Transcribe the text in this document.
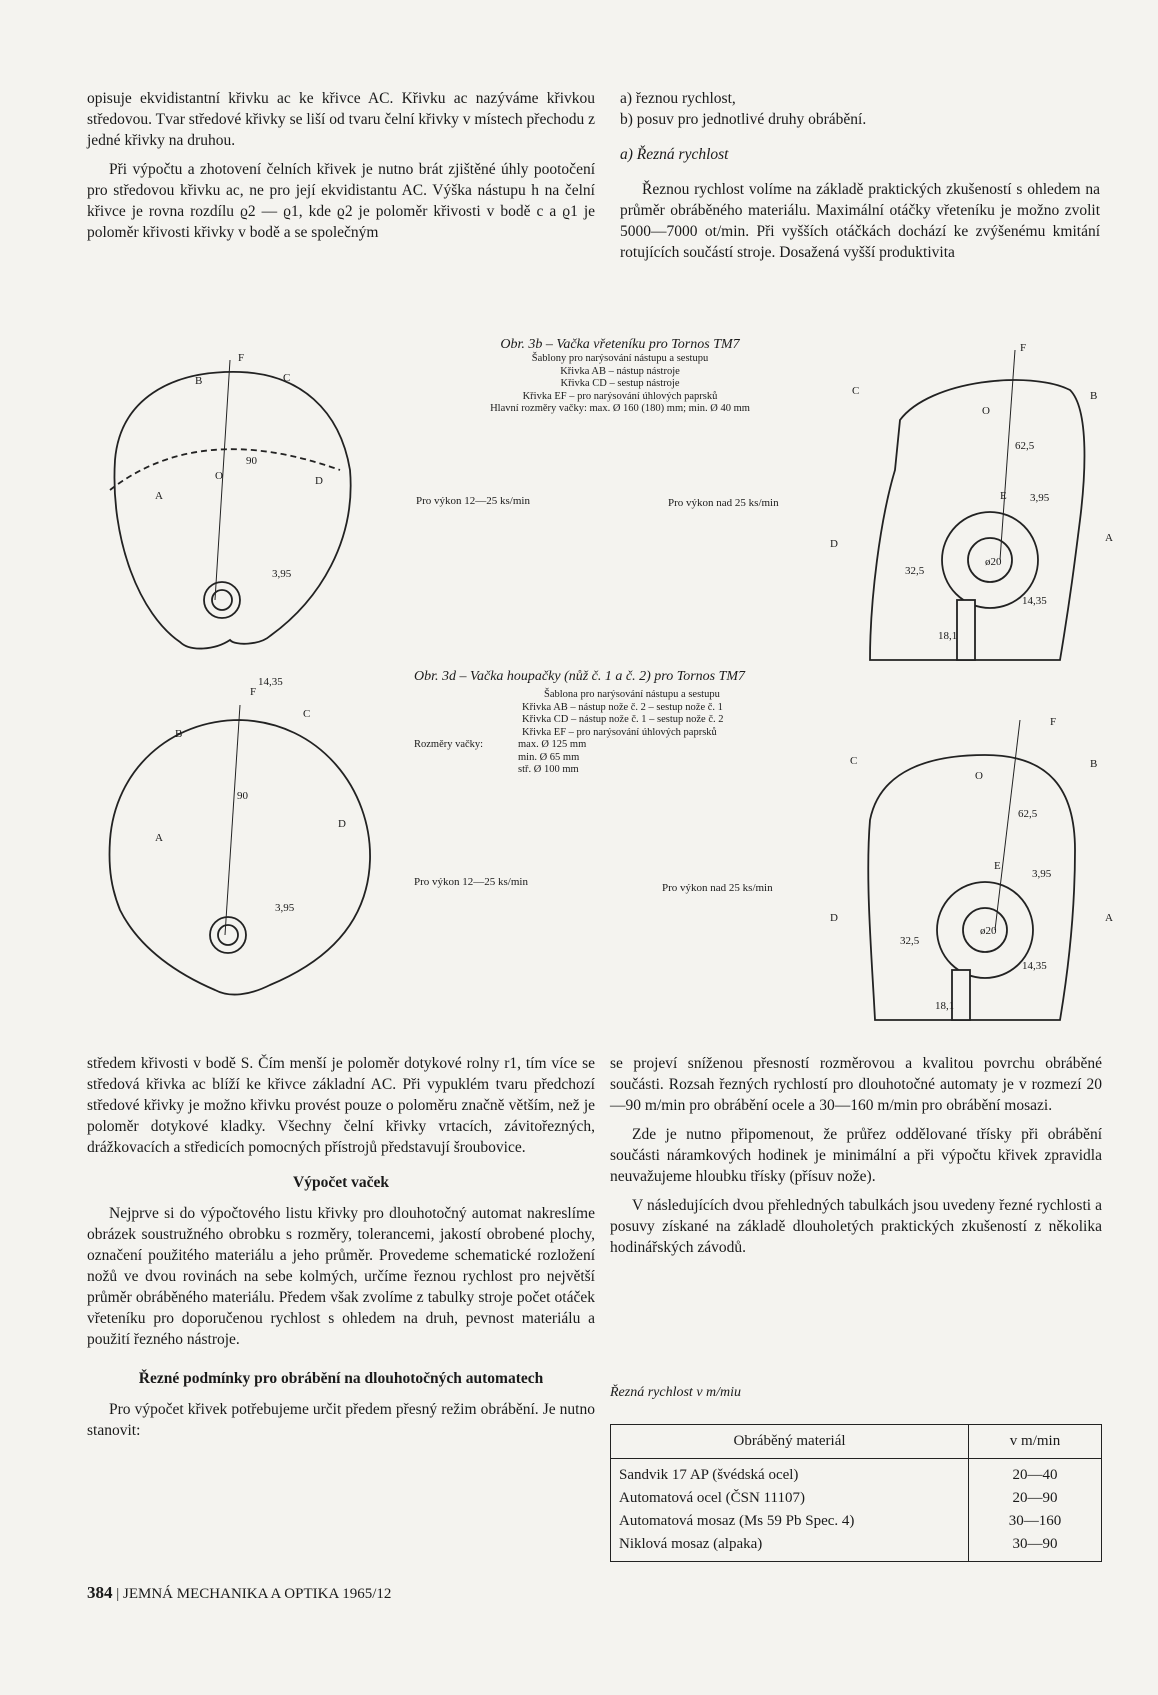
opisuje ekvidistantní křivku ac ke křivce AC. Křivku ac nazýváme křivkou středovou. Tvar středové křivky se liší od tvaru čelní křivky v místech přechodu z jedné křivky na druhou.

Při výpočtu a zhotovení čelních křivek je nutno brát zjištěné úhly pootočení pro středovou křivku ac, ne pro její ekvidistantu AC. Výška nástupu h na čelní křivce je rovna rozdílu ϱ2 — ϱ1, kde ϱ2 je poloměr křivosti v bodě c a ϱ1 je poloměr křivosti křivky v bodě a se společným

a) řeznou rychlost,
b) posuv pro jednotlivé druhy obrábění.
a) Řezná rychlost

Řeznou rychlost volíme na základě praktických zkušeností s ohledem na průměr obráběného materiálu. Maximální otáčky vřeteníku je možno zvolit 5000—7000 ot/min. Při vyšších otáčkách dochází ke zvýšenému kmitání rotujících součástí stroje. Dosažená vyšší produktivita

F
B	C
O
A
D
90
3,95
14,35
F
C	B
O
62,5
E 3,95
D	A
32,5
ø20
14,35
18,1
F
C
B
90
A
D
3,95
F
C	B
O
62,5
E
3,95
D	A
32,5
ø20
14,35
18,1
Obr. 3b – Vačka vřeteníku pro Tornos TM7
Šablony pro narýsování nástupu a sestupu
Křivka AB – nástup nástroje
Křivka CD – sestup nástroje
Křivka EF – pro narýsování úhlových paprsků
Hlavní rozměry vačky: max. Ø 160 (180) mm; min. Ø 40 mm
Pro výkon 12—25 ks/min	Pro výkon nad 25 ks/min
Obr. 3d – Vačka houpačky (nůž č. 1 a č. 2) pro Tornos TM7
Šablona pro narýsování nástupu a sestupu
Křivka AB – nástup nože č. 2 – sestup nože č. 1
Křivka CD – nástup nože č. 1 – sestup nože č. 2
Křivka EF – pro narýsování úhlových paprsků
Rozměry vačky:	max. Ø 125 mm
min. Ø 65 mm
stř. Ø 100 mm
Pro výkon 12—25 ks/min	Pro výkon nad 25 ks/min

středem křivosti v bodě S. Čím menší je poloměr dotykové rolny r1, tím více se středová křivka ac blíží ke křivce základní AC. Při vypuklém tvaru předchozí středové křivky je možno křivku provést pouze o poloměru značně větším, než je poloměr dotykové kladky. Všechny čelní křivky vrtacích, závitořezných, drážkovacích a středicích pomocných přístrojů představují šroubovice.

Výpočet vaček

Nejprve si do výpočtového listu křivky pro dlouhotočný automat nakreslíme obrázek soustružného obrobku s rozměry, tolerancemi, jakostí obrobené plochy, označení použitého materiálu a jeho průměr. Provedeme schematické rozložení nožů ve dvou rovinách na sebe kolmých, určíme řeznou rychlost pro největší průměr obráběného materiálu. Předem však zvolíme z tabulky stroje počet otáček vřeteníku pro doporučenou rychlost s ohledem na druh, pevnost materiálu a použití řezného nástroje.

Řezné podmínky pro obrábění na dlouhotočných automatech

Pro výpočet křivek potřebujeme určit předem přesný režim obrábění. Je nutno stanovit:

se projeví sníženou přesností rozměrovou a kvalitou povrchu obráběné součásti. Rozsah řezných rychlostí pro dlouhotočné automaty je v rozmezí 20—90 m/min pro obrábění ocele a 30—160 m/min pro obrábění mosazi.

Zde je nutno připomenout, že průřez oddělované třísky při obrábění součásti náramkových hodinek je minimální a při výpočtu křivek zpravidla neuvažujeme hloubku třísky (přísuv nože).

V následujících dvou přehledných tabulkách jsou uvedeny řezné rychlosti a posuvy získané na základě dlouholetých praktických zkušeností z několika hodinářských závodů.

Řezná rychlost v m/miu
Obráběný materiál	v m/min
Sandvik 17 AP (švédská ocel)	20—40
Automatová ocel (ČSN 11107)	20—90
Automatová mosaz (Ms 59 Pb Spec. 4)	30—160
Niklová mosaz (alpaka)	30—90
384 | JEMNÁ MECHANIKA A OPTIKA 1965/12
